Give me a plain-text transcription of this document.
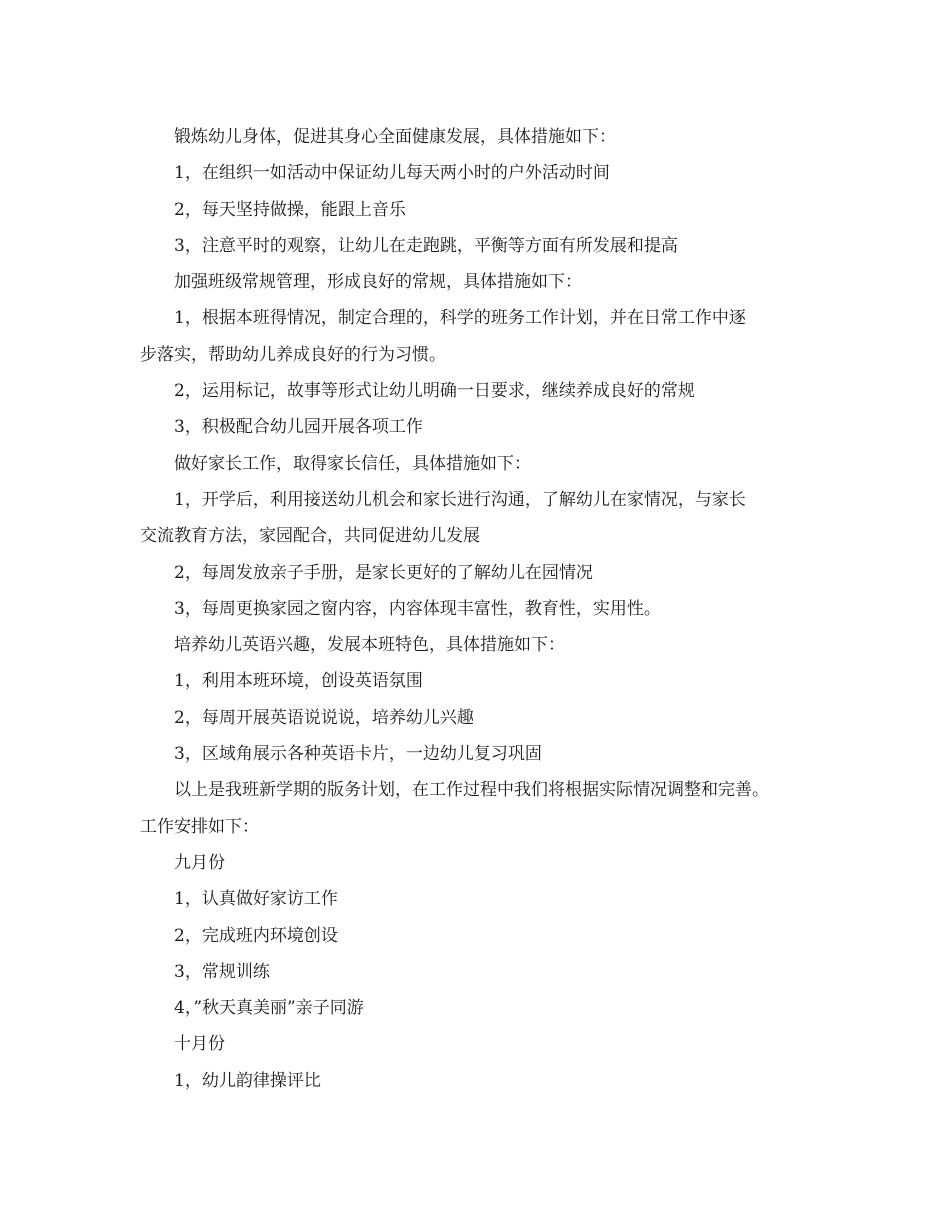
锻炼幼儿身体，促进其身心全面健康发展，具体措施如下：

1，在组织一如活动中保证幼儿每天两小时的户外活动时间

2，每天坚持做操，能跟上音乐

3，注意平时的观察，让幼儿在走跑跳，平衡等方面有所发展和提高

加强班级常规管理，形成良好的常规，具体措施如下：

1，根据本班得情况，制定合理的，科学的班务工作计划，并在日常工作中逐

步落实，帮助幼儿养成良好的行为习惯。

2，运用标记，故事等形式让幼儿明确一日要求，继续养成良好的常规

3，积极配合幼儿园开展各项工作

做好家长工作，取得家长信任，具体措施如下：

1，开学后，利用接送幼儿机会和家长进行沟通，了解幼儿在家情况，与家长

交流教育方法，家园配合，共同促进幼儿发展

2，每周发放亲子手册，是家长更好的了解幼儿在园情况

3，每周更换家园之窗内容，内容体现丰富性，教育性，实用性。

培养幼儿英语兴趣，发展本班特色，具体措施如下：

1，利用本班环境，创设英语氛围

2，每周开展英语说说说，培养幼儿兴趣

3，区域角展示各种英语卡片，一边幼儿复习巩固

以上是我班新学期的版务计划，在工作过程中我们将根据实际情况调整和完善。

工作安排如下：

九月份

1，认真做好家访工作

2，完成班内环境创设

3，常规训练

4，”秋天真美丽”亲子同游

十月份

1，幼儿韵律操评比
